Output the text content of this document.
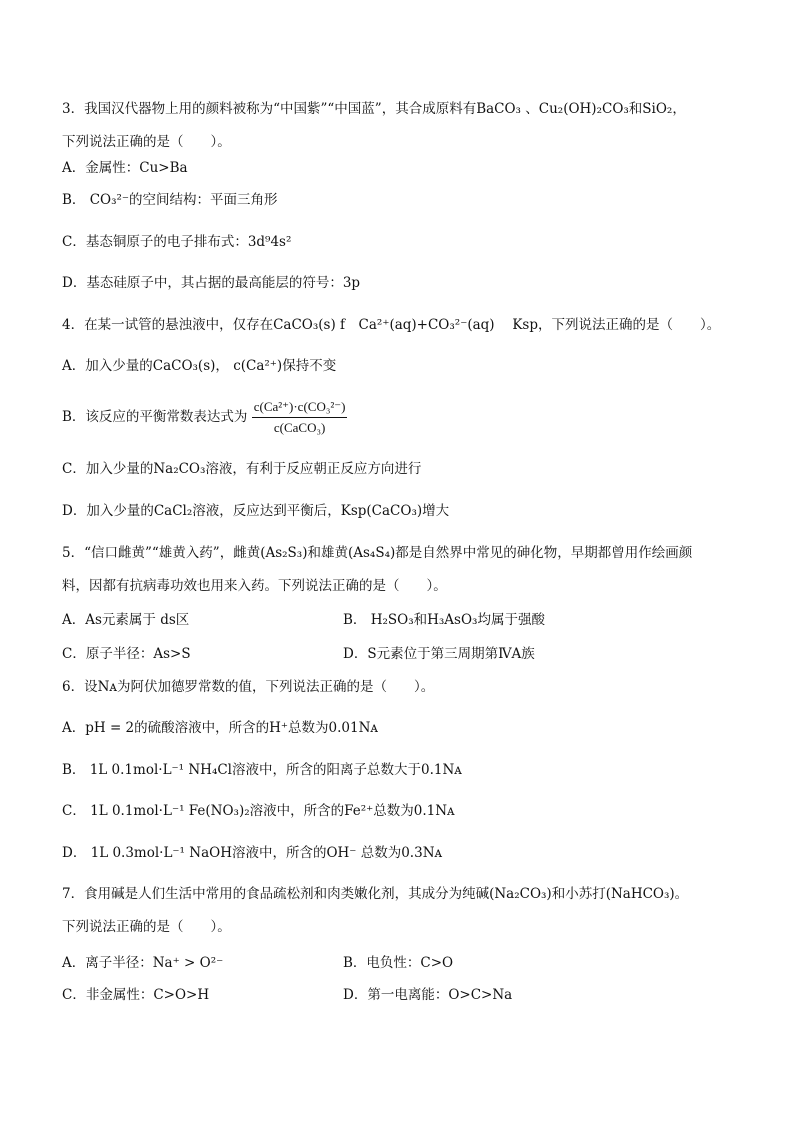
3．我国汉代器物上用的颜料被称为“中国紫”“中国蓝”，其合成原料有BaCO₃ 、Cu₂(OH)₂CO₃和SiO₂，
下列说法正确的是（　　）。
A．金属性：Cu>Ba
B． CO₃²⁻的空间结构：平面三角形
C．基态铜原子的电子排布式：3d⁹4s²
D．基态硅原子中，其占据的最高能层的符号：3p
4．在某一试管的悬浊液中，仅存在CaCO₃(s) f　Ca²⁺(aq)+CO₃²⁻(aq)　 Ksp，下列说法正确的是（　　）。
A．加入少量的CaCO₃(s)， c(Ca²⁺)保持不变
B．该反应的平衡常数表达式为 $\frac{\text{c(Ca²⁺)·c(CO₃²⁻)}}{\text{c(CaCO₃)}}$
C．加入少量的Na₂CO₃溶液，有利于反应朝正反应方向进行
D．加入少量的CaCl₂溶液，反应达到平衡后，Ksp(CaCO₃)增大
5．“信口雌黄”“雄黄入药”，雌黄(As₂S₃)和雄黄(As₄S₄)都是自然界中常见的砷化物，早期都曾用作绘画颜
料，因都有抗病毒功效也用来入药。下列说法正确的是（　　）。
A．As元素属于 ds区	B． H₂SO₃和H₃AsO₃均属于强酸
C．原子半径：As>S	D．S元素位于第三周期第ⅣA族
6．设Nᴀ为阿伏加德罗常数的值，下列说法正确的是（　　）。
A．pH = 2的硫酸溶液中，所含的H⁺总数为0.01Nᴀ
B． 1L 0.1mol·L⁻¹ NH₄Cl溶液中，所含的阳离子总数大于0.1Nᴀ
C． 1L 0.1mol·L⁻¹ Fe(NO₃)₂溶液中，所含的Fe²⁺总数为0.1Nᴀ
D． 1L 0.3mol·L⁻¹ NaOH溶液中，所含的OH⁻ 总数为0.3Nᴀ
7．食用碱是人们生活中常用的食品疏松剂和肉类嫩化剂，其成分为纯碱(Na₂CO₃)和小苏打(NaHCO₃)。
下列说法正确的是（　　）。
A．离子半径：Na⁺ > O²⁻	B．电负性：C>O
C．非金属性：C>O>H	D．第一电离能：O>C>Na
